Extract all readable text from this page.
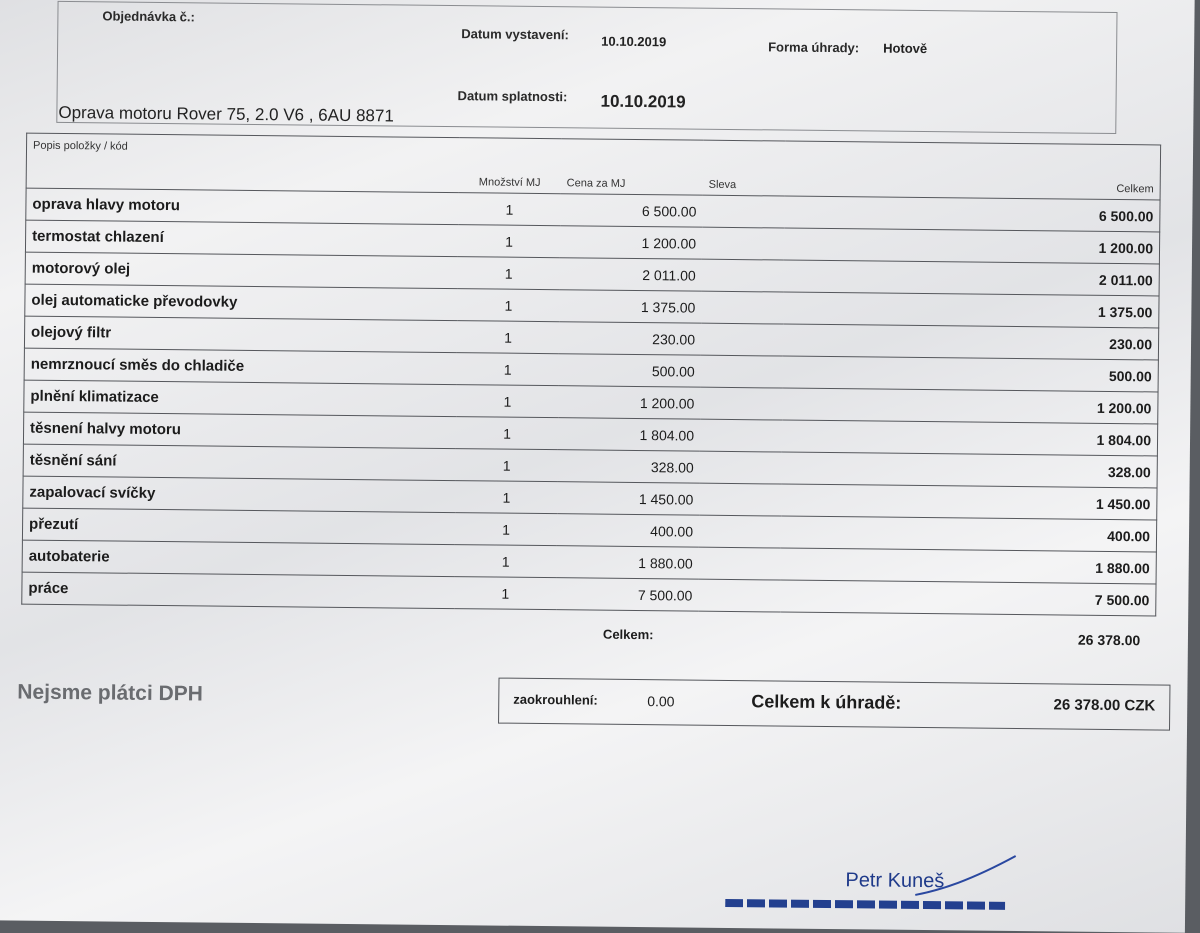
Objednávka č.:
Datum vystavení: 10.10.2019	Forma úhrady: Hotově
Datum splatnosti: 10.10.2019
Oprava motoru Rover 75, 2.0 V6 , 6AU 8871
Popis položky / kód	Množství MJ	Cena za MJ	Sleva	Celkem
oprava hlavy motoru	1	6 500.00		6 500.00
termostat chlazení	1	1 200.00		1 200.00
motorový olej	1	2 011.00		2 011.00
olej automaticke převodovky	1	1 375.00		1 375.00
olejový filtr	1	230.00		230.00
nemrznoucí směs do chladiče	1	500.00		500.00
plnění klimatizace	1	1 200.00		1 200.00
těsnení halvy motoru	1	1 804.00		1 804.00
těsnění sání	1	328.00		328.00
zapalovací svíčky	1	1 450.00		1 450.00
přezutí	1	400.00		400.00
autobaterie	1	1 880.00		1 880.00
práce	1	7 500.00		7 500.00
Celkem:	26 378.00
Nejsme plátci DPH	zaokrouhlení:	0.00	Celkem k úhradě:	26 378.00 CZK
Petr Kuneš
